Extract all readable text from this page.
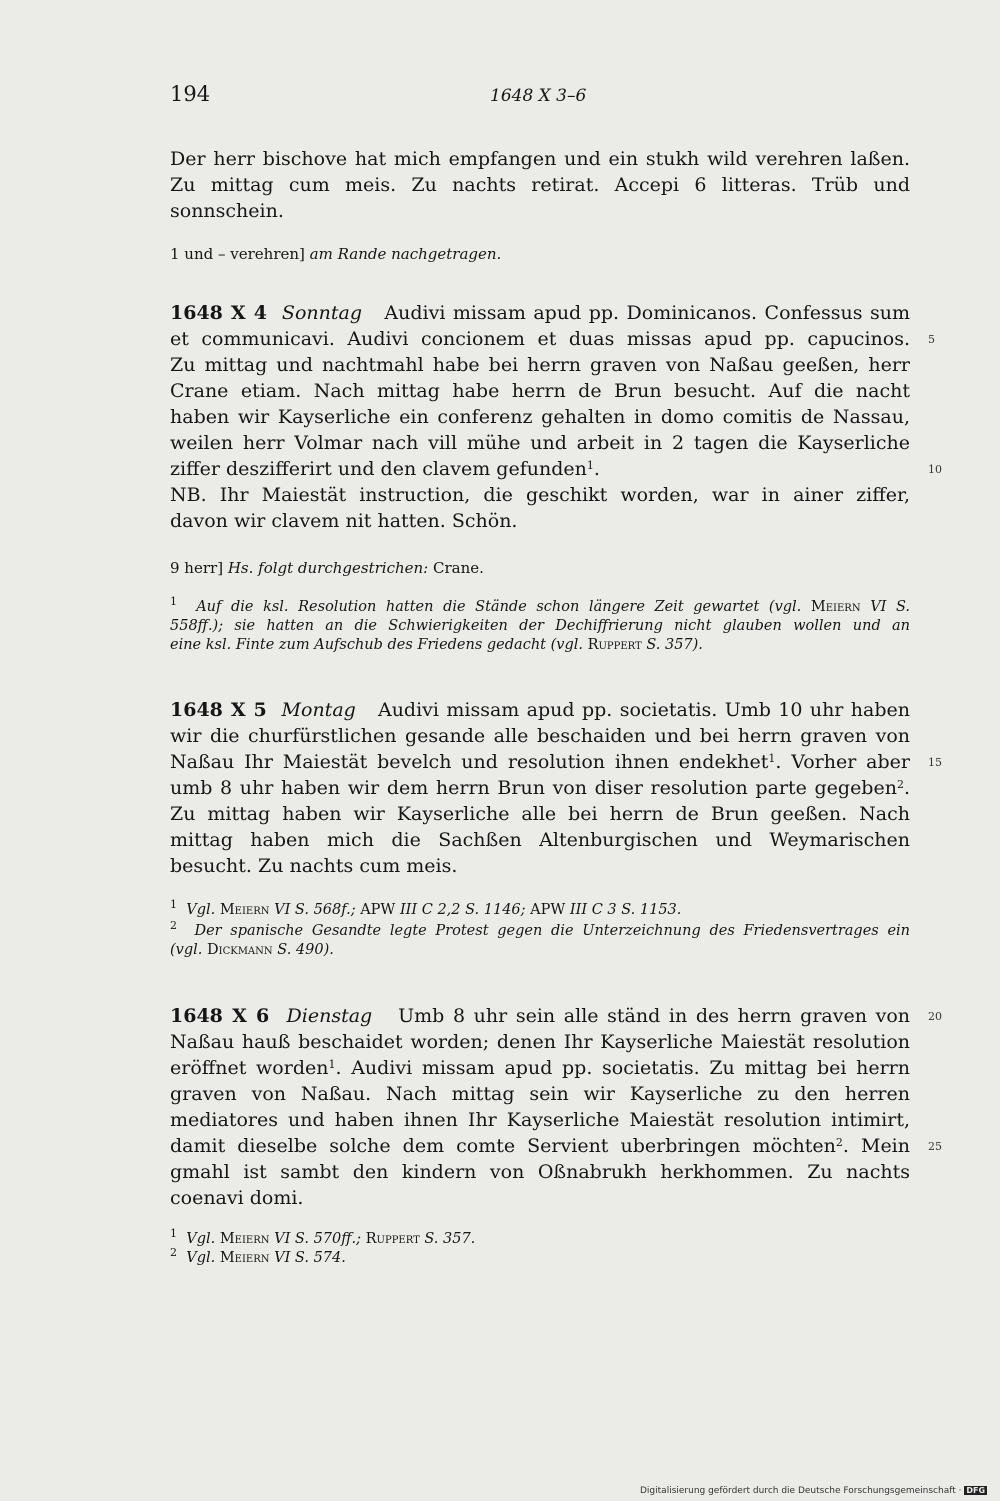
194	1648 X 3–6
Der herr bischove hat mich empfangen und ein stukh wild verehren laßen.
Zu mittag cum meis. Zu nachts retirat. Accepi 6 litteras. Trüb und
sonnschein.
1 und – verehren] am Rande nachgetragen.
1648 X 4 Sonntag Audivi missam apud pp. Dominicanos. Confessus sum
et communicavi. Audivi concionem et duas missas apud pp. capucinos.
Zu mittag und nachtmahl habe bei herrn graven von Naßau geeßen, herr
Crane etiam. Nach mittag habe herrn de Brun besucht. Auf die nacht
haben wir Kayserliche ein conferenz gehalten in domo comitis de Nassau,
weilen herr Volmar nach vill mühe und arbeit in 2 tagen die Kayserliche
ziffer deszifferirt und den clavem gefunden$^1$.
NB. Ihr Maiestät instruction, die geschikt worden, war in ainer ziffer,
davon wir clavem nit hatten. Schön.
9 herr] Hs. folgt durchgestrichen: Crane.
$^1$ Auf die ksl. Resolution hatten die Stände schon längere Zeit gewartet (vgl. Meiern VI S.
558ff.); sie hatten an die Schwierigkeiten der Dechiffrierung nicht glauben wollen und an
eine ksl. Finte zum Aufschub des Friedens gedacht (vgl. Ruppert S. 357).
1648 X 5 Montag Audivi missam apud pp. societatis. Umb 10 uhr haben
wir die churfürstlichen gesande alle beschaiden und bei herrn graven von
Naßau Ihr Maiestät bevelch und resolution ihnen endekhet$^1$. Vorher aber
umb 8 uhr haben wir dem herrn Brun von diser resolution parte gegeben$^2$.
Zu mittag haben wir Kayserliche alle bei herrn de Brun geeßen. Nach
mittag haben mich die Sachßen Altenburgischen und Weymarischen
besucht. Zu nachts cum meis.
$^1$ Vgl. Meiern VI S. 568f.; APW III C 2,2 S. 1146; APW III C 3 S. 1153.
$^2$ Der spanische Gesandte legte Protest gegen die Unterzeichnung des Friedensvertrages ein
(vgl. Dickmann S. 490).
1648 X 6 Dienstag Umb 8 uhr sein alle ständ in des herrn graven von
Naßau hauß beschaidet worden; denen Ihr Kayserliche Maiestät resolution
eröffnet worden$^1$. Audivi missam apud pp. societatis. Zu mittag bei herrn
graven von Naßau. Nach mittag sein wir Kayserliche zu den herren
mediatores und haben ihnen Ihr Kayserliche Maiestät resolution intimirt,
damit dieselbe solche dem comte Servient uberbringen möchten$^2$. Mein
gmahl ist sambt den kindern von Oßnabrukh herkhommen. Zu nachts
coenavi domi.
$^1$ Vgl. Meiern VI S. 570ff.; Ruppert S. 357.
$^2$ Vgl. Meiern VI S. 574.
5
10
15
20
25
Digitalisierung gefördert durch die Deutsche Forschungsgemeinschaft · DFG
